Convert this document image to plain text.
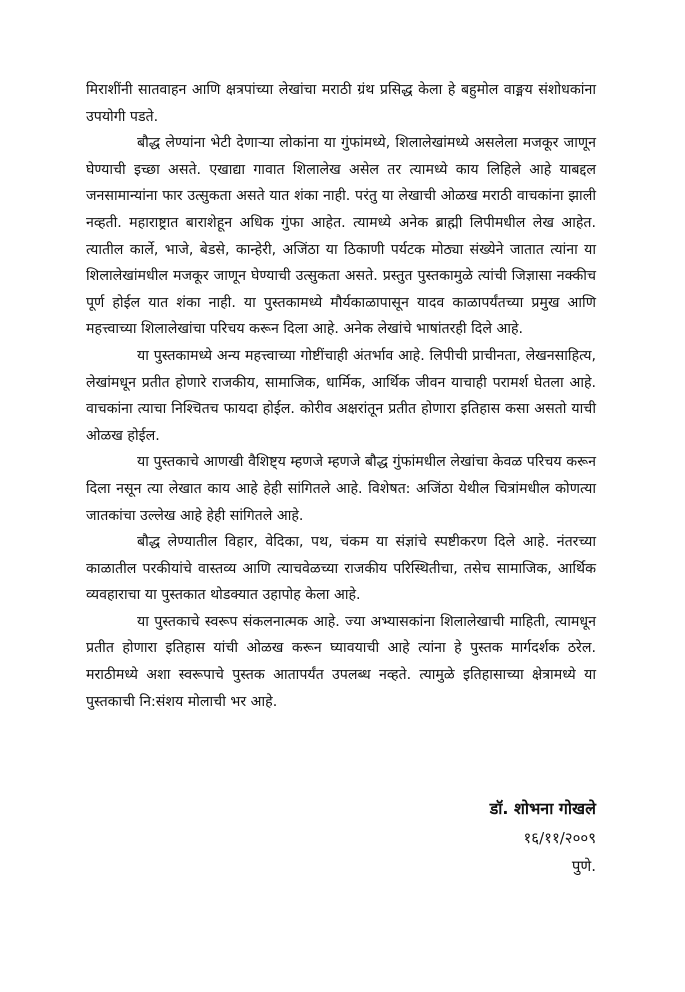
मिराशींनी सातवाहन आणि क्षत्रपांच्या लेखांचा मराठी ग्रंथ प्रसिद्ध केला हे बहुमोल वाङ्मय संशोधकांना उपयोगी पडते.

बौद्ध लेण्यांना भेटी देणाऱ्या लोकांना या गुंफांमध्ये, शिलालेखांमध्ये असलेला मजकूर जाणून घेण्याची इच्छा असते. एखाद्या गावात शिलालेख असेल तर त्यामध्ये काय लिहिले आहे याबद्दल जनसामान्यांना फार उत्सुकता असते यात शंका नाही. परंतु या लेखाची ओळख मराठी वाचकांना झाली नव्हती. महाराष्ट्रात बाराशेहून अधिक गुंफा आहेत. त्यामध्ये अनेक ब्राह्मी लिपीमधील लेख आहेत. त्यातील कार्ले, भाजे, बेडसे, कान्हेरी, अजिंठा या ठिकाणी पर्यटक मोठ्या संख्येने जातात त्यांना या शिलालेखांमधील मजकूर जाणून घेण्याची उत्सुकता असते. प्रस्तुत पुस्तकामुळे त्यांची जिज्ञासा नक्कीच पूर्ण होईल यात शंका नाही. या पुस्तकामध्ये मौर्यकाळापासून यादव काळापर्यंतच्या प्रमुख आणि महत्त्वाच्या शिलालेखांचा परिचय करून दिला आहे. अनेक लेखांचे भाषांतरही दिले आहे.

या पुस्तकामध्ये अन्य महत्त्वाच्या गोष्टींचाही अंतर्भाव आहे. लिपीची प्राचीनता, लेखनसाहित्य, लेखांमधून प्रतीत होणारे राजकीय, सामाजिक, धार्मिक, आर्थिक जीवन याचाही परामर्श घेतला आहे. वाचकांना त्याचा निश्चितच फायदा होईल. कोरीव अक्षरांतून प्रतीत होणारा इतिहास कसा असतो याची ओळख होईल.

या पुस्तकाचे आणखी वैशिष्ट्य म्हणजे म्हणजे बौद्ध गुंफांमधील लेखांचा केवळ परिचय करून दिला नसून त्या लेखात काय आहे हेही सांगितले आहे. विशेषत: अजिंठा येथील चित्रांमधील कोणत्या जातकांचा उल्लेख आहे हेही सांगितले आहे.

बौद्ध लेण्यातील विहार, वेदिका, पथ, चंकम या संज्ञांचे स्पष्टीकरण दिले आहे. नंतरच्या काळातील परकीयांचे वास्तव्य आणि त्याचवेळच्या राजकीय परिस्थितीचा, तसेच सामाजिक, आर्थिक व्यवहाराचा या पुस्तकात थोडक्यात उहापोह केला आहे.

या पुस्तकाचे स्वरूप संकलनात्मक आहे. ज्या अभ्यासकांना शिलालेखाची माहिती, त्यामधून प्रतीत होणारा इतिहास यांची ओळख करून घ्यावयाची आहे त्यांना हे पुस्तक मार्गदर्शक ठरेल. मराठीमध्ये अशा स्वरूपाचे पुस्तक आतापर्यंत उपलब्ध नव्हते. त्यामुळे इतिहासाच्या क्षेत्रामध्ये या पुस्तकाची नि:संशय मोलाची भर आहे.

डॉ. शोभना गोखले
१६/११/२००९
पुणे.
